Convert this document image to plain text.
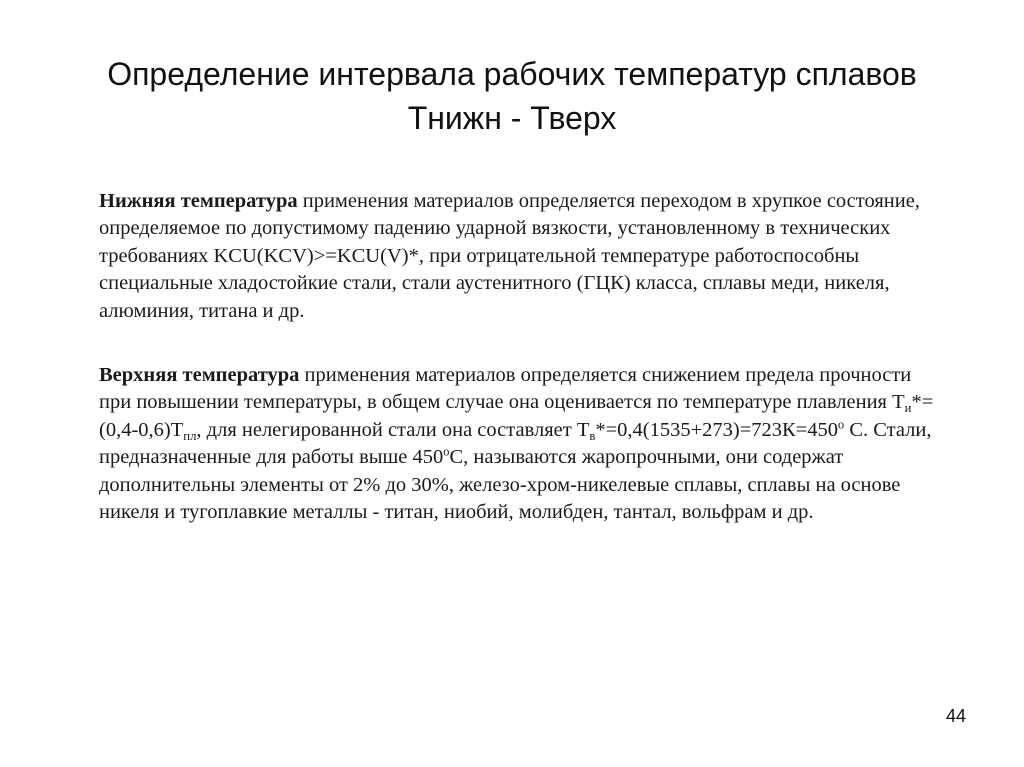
Определение интервала рабочих температур сплавов
Тнижн - Тверх

Нижняя температура применения материалов определяется переходом в хрупкое состояние, определяемое по допустимому падению ударной вязкости, установленному в технических требованиях KCU(KCV)>=KCU(V)*, при отрицательной температуре работоспособны специальные хладостойкие стали, стали аустенитного (ГЦК) класса, сплавы меди, никеля, алюминия, титана и др.

Верхняя температура применения материалов определяется снижением предела прочности при повышении температуры, в общем случае она оценивается по температуре плавления $Т_и*=(0,4-0,6)Т_{пл}$, для нелегированной стали она составляет $Т_в*=0,4(1535+273)=723К=450^о$ С. Стали, предназначенные для работы выше $450^оС$, называются жаропрочными, они содержат дополнительны элементы от 2% до 30%, железо-хром-никелевые сплавы, сплавы на основе никеля и тугоплавкие металлы - титан, ниобий, молибден, тантал, вольфрам и др.

44
